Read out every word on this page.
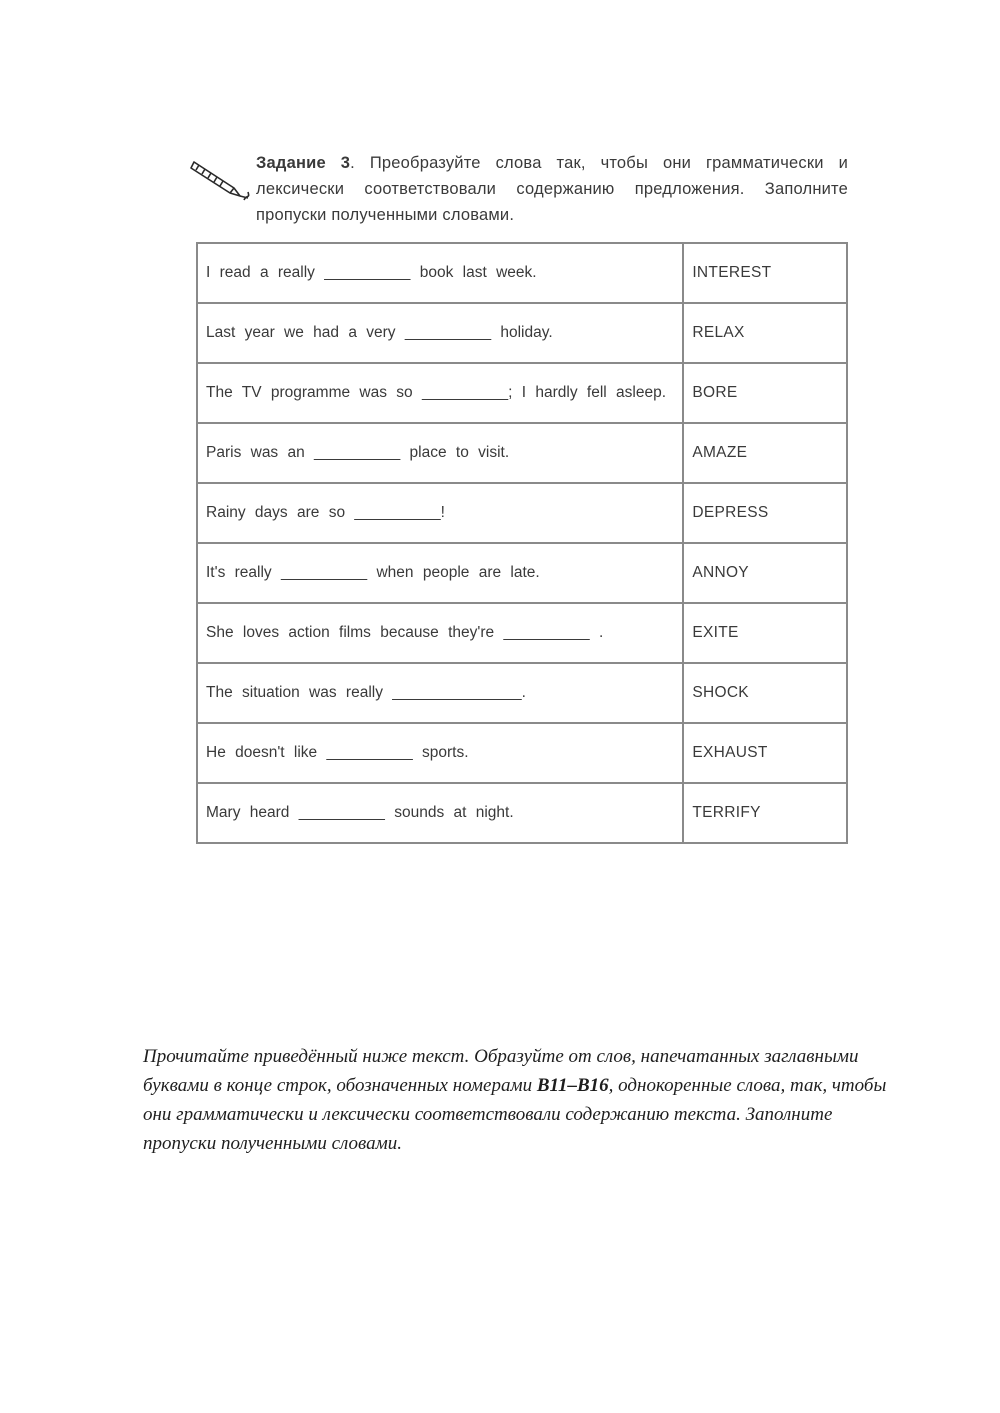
Задание 3. Преобразуйте слова так, чтобы они грамматически и лексически соответствовали содержанию предложения. Заполните пропуски полученными словами.
I read a really __________ book last week.	INTEREST
Last year we had a very __________ holiday.	RELAX
The TV programme was so __________; I hardly fell asleep.	BORE
Paris was an __________ place to visit.	AMAZE
Rainy days are so __________!	DEPRESS
It's really __________ when people are late.	ANNOY
She loves action films because they're __________ .	EXITE
The situation was really _______________.	SHOCK
He doesn't like __________ sports.	EXHAUST
Mary heard __________ sounds at night.	TERRIFY
Прочитайте приведённый ниже текст. Образуйте от слов, напечатанных заглавными буквами в конце строк, обозначенных номерами B11–B16, однокоренные слова, так, чтобы они грамматически и лексически соответствовали содержанию текста. Заполните пропуски полученными словами.
